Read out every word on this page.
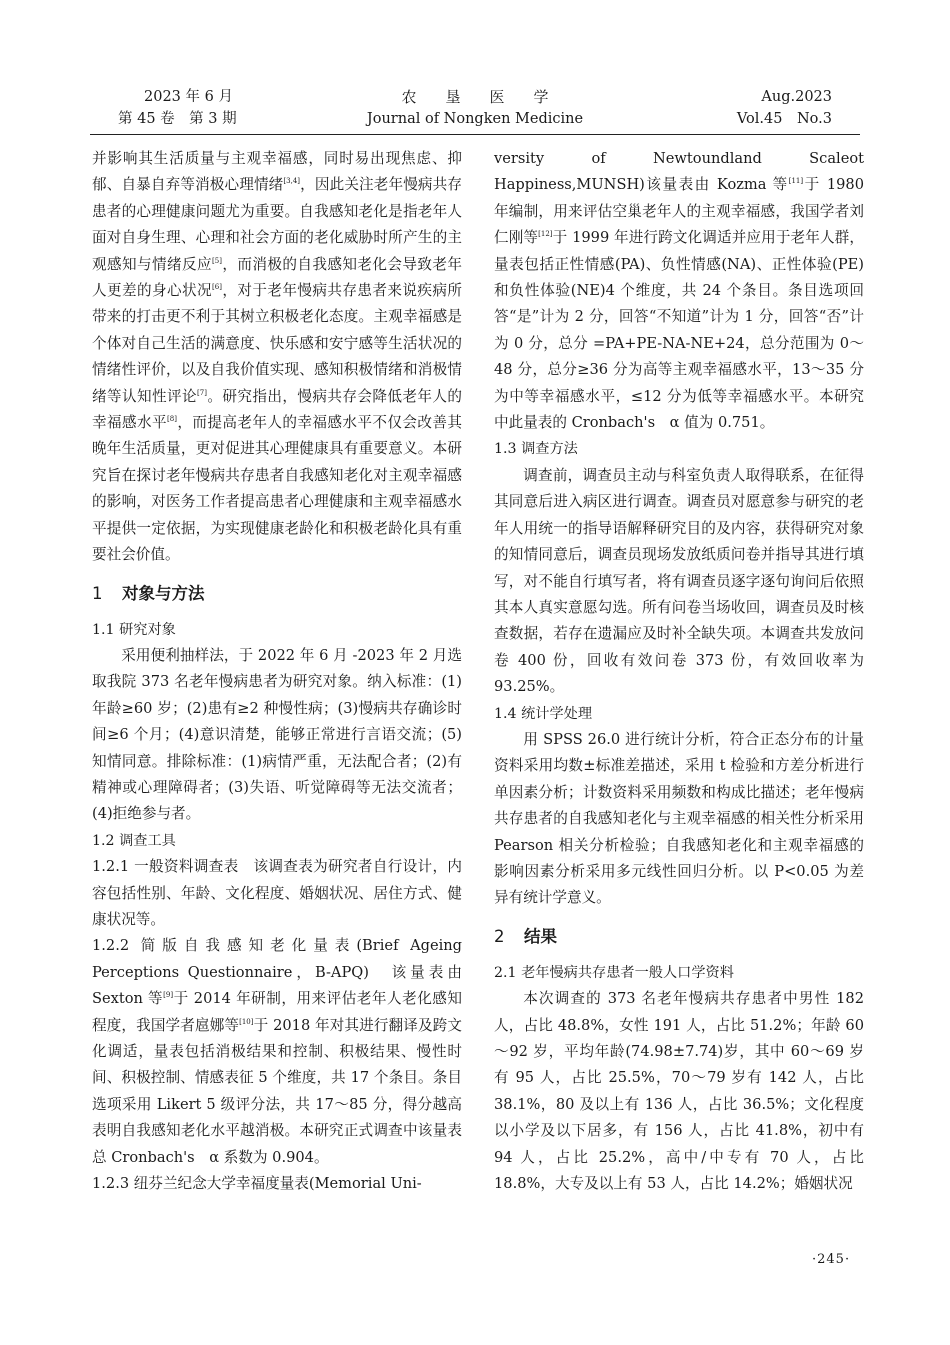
2023 年 6 月
第 45 卷　第 3 期
农垦医学
Journal of Nongken Medicine
Aug.2023
Vol.45　No.3

并影响其生活质量与主观幸福感，同时易出现焦虑、抑郁、自暴自弃等消极心理情绪[3,4]，因此关注老年慢病共存患者的心理健康问题尤为重要。自我感知老化是指老年人面对自身生理、心理和社会方面的老化威胁时所产生的主观感知与情绪反应[5]，而消极的自我感知老化会导致老年人更差的身心状况[6]，对于老年慢病共存患者来说疾病所带来的打击更不利于其树立积极老化态度。主观幸福感是个体对自己生活的满意度、快乐感和安宁感等生活状况的情绪性评价，以及自我价值实现、感知积极情绪和消极情绪等认知性评论[7]。研究指出，慢病共存会降低老年人的幸福感水平[8]，而提高老年人的幸福感水平不仅会改善其晚年生活质量，更对促进其心理健康具有重要意义。本研究旨在探讨老年慢病共存患者自我感知老化对主观幸福感的影响，对医务工作者提高患者心理健康和主观幸福感水平提供一定依据，为实现健康老龄化和积极老龄化具有重要社会价值。

1 对象与方法
1.1 研究对象

采用便利抽样法，于 2022 年 6 月 -2023 年 2 月选取我院 373 名老年慢病患者为研究对象。纳入标准：(1)年龄≥60 岁；(2)患有≥2 种慢性病；(3)慢病共存确诊时间≥6 个月；(4)意识清楚，能够正常进行言语交流；(5)知情同意。排除标准：(1)病情严重，无法配合者；(2)有精神或心理障碍者；(3)失语、听觉障碍等无法交流者；(4)拒绝参与者。

1.2 调查工具

1.2.1 一般资料调查表　该调查表为研究者自行设计，内容包括性别、年龄、文化程度、婚姻状况、居住方式、健康状况等。

1.2.2 简版自我感知老化量表(Brief Ageing Perceptions Questionnaire，B-APQ)　该量表由 Sexton 等[9]于 2014 年研制，用来评估老年人老化感知程度，我国学者扈娜等[10]于 2018 年对其进行翻译及跨文化调适，量表包括消极结果和控制、积极结果、慢性时间、积极控制、情感表征 5 个维度，共 17 个条目。条目选项采用 Likert 5 级评分法，共 17～85 分，得分越高表明自我感知老化水平越消极。本研究正式调查中该量表总 Cronbach's　α 系数为 0.904。

1.2.3 纽芬兰纪念大学幸福度量表(Memorial Uni-

versity of Newtoundland Scaleot Happiness,MUNSH)该量表由 Kozma 等[11]于 1980 年编制，用来评估空巢老年人的主观幸福感，我国学者刘仁刚等[12]于 1999 年进行跨文化调适并应用于老年人群，量表包括正性情感(PA)、负性情感(NA)、正性体验(PE)和负性体验(NE)4 个维度，共 24 个条目。条目选项回答“是”计为 2 分，回答“不知道”计为 1 分，回答“否”计为 0 分，总分 =PA+PE-NA-NE+24，总分范围为 0～48 分，总分≥36 分为高等主观幸福感水平，13～35 分为中等幸福感水平，≤12 分为低等幸福感水平。本研究中此量表的 Cronbach's　α 值为 0.751。

1.3 调查方法

调查前，调查员主动与科室负责人取得联系，在征得其同意后进入病区进行调查。调查员对愿意参与研究的老年人用统一的指导语解释研究目的及内容，获得研究对象的知情同意后，调查员现场发放纸质问卷并指导其进行填写，对不能自行填写者，将有调查员逐字逐句询问后依照其本人真实意愿勾选。所有问卷当场收回，调查员及时核查数据，若存在遗漏应及时补全缺失项。本调查共发放问卷 400 份，回收有效问卷 373 份，有效回收率为 93.25%。

1.4 统计学处理

用 SPSS 26.0 进行统计分析，符合正态分布的计量资料采用均数±标准差描述，采用 t 检验和方差分析进行单因素分析；计数资料采用频数和构成比描述；老年慢病共存患者的自我感知老化与主观幸福感的相关性分析采用 Pearson 相关分析检验；自我感知老化和主观幸福感的影响因素分析采用多元线性回归分析。以 P<0.05 为差异有统计学意义。

2 结果
2.1 老年慢病共存患者一般人口学资料

本次调查的 373 名老年慢病共存患者中男性 182 人，占比 48.8%，女性 191 人，占比 51.2%；年龄 60～92 岁，平均年龄(74.98±7.74)岁，其中 60～69 岁有 95 人，占比 25.5%，70～79 岁有 142 人，占比 38.1%，80 及以上有 136 人，占比 36.5%；文化程度以小学及以下居多，有 156 人，占比 41.8%，初中有 94 人，占比 25.2%，高中/中专有 70 人，占比 18.8%，大专及以上有 53 人，占比 14.2%；婚姻状况

·245·
